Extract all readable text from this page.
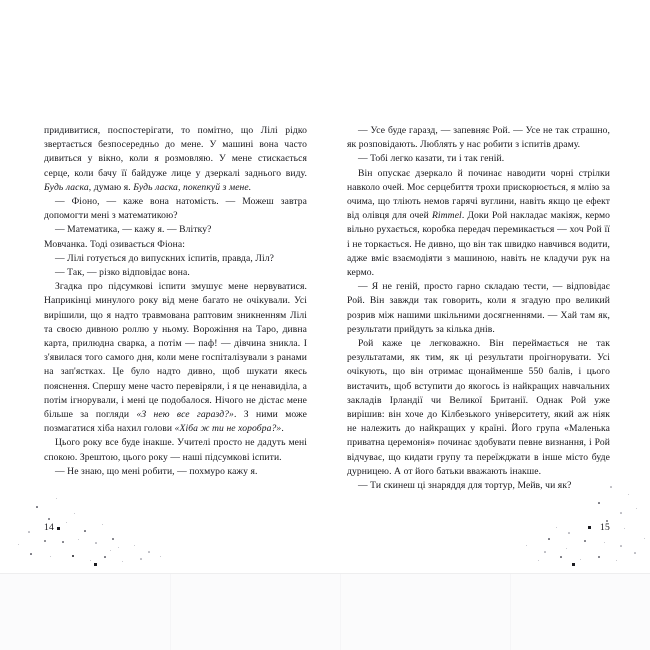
придивитися, поспостерігати, то помітно, що Лілі рідко звертається безпосередньо до мене. У машині вона часто дивиться у вікно, коли я розмовляю. У мене стискається серце, коли бачу її байдуже лице у дзеркалі заднього виду. Будь ласка, думаю я. Будь ласка, покепкуй з мене.

— Фіоно, — каже вона натомість. — Можеш завтра допомогти мені з математикою?

— Математика, — кажу я. — Влітку?

Мовчанка. Тоді озивається Фіона:

— Лілі готується до випускних іспитів, правда, Ліл?

— Так, — різко відповідає вона.

Згадка про підсумкові іспити змушує мене нервуватися. Наприкінці минулого року від мене багато не очікували. Усі вирішили, що я надто травмована раптовим зникненням Лілі та своєю дивною роллю у ньому. Ворожіння на Таро, дивна карта, прилюдна сварка, а потім — паф! — дівчина зникла. І з'явилася того самого дня, коли мене госпіталізували з ранами на зап'ястках. Це було надто дивно, щоб шукати якесь пояснення. Спершу мене часто перевіряли, і я це ненавиділа, а потім ігнорували, і мені це подобалося. Нічого не дістає мене більше за погляди «З нею все гаразд?». З ними може позмагатися хіба нахил голови «Хіба ж ти не хоробра?».

Цього року все буде інакше. Учителі просто не дадуть мені спокою. Зрештою, цього року — наші підсумкові іспити.

— Не знаю, що мені робити, — похмуро кажу я.

14

— Усе буде гаразд, — запевняє Рой. — Усе не так страшно, як розповідають. Люблять у нас робити з іспитів драму.

— Тобі легко казати, ти і так геній.

Він опускає дзеркало й починає наводити чорні стрілки навколо очей. Моє серцебиття трохи прискорюється, я млію за очима, що тліють немов гарячі вуглини, навіть якщо це ефект від олівця для очей Rimmel. Доки Рой накладає макіяж, кермо вільно рухається, коробка передач перемикається — хоч Рой її і не торкається. Не дивно, що він так швидко навчився водити, адже вміє взаємодіяти з машиною, навіть не кладучи рук на кермо.

— Я не геній, просто гарно складаю тести, — відповідає Рой. Він завжди так говорить, коли я згадую про великий розрив між нашими шкільними досягненнями. — Хай там як, результати прийдуть за кілька днів.

Рой каже це легковажно. Він переймається не так результатами, як тим, як ці результати проігнорувати. Усі очікують, що він отримає щонайменше 550 балів, і цього вистачить, щоб вступити до якогось із найкращих навчальних закладів Ірландії чи Великої Британії. Однак Рой уже вирішив: він хоче до Кілбезького університету, який аж ніяк не належить до найкращих у країні. Його група «Маленька приватна церемонія» починає здобувати певне визнання, і Рой відчуває, що кидати групу та переїжджати в інше місто буде дурницею. А от його батьки вважають інакше.

— Ти скинеш ці знаряддя для тортур, Мейв, чи як?

15
